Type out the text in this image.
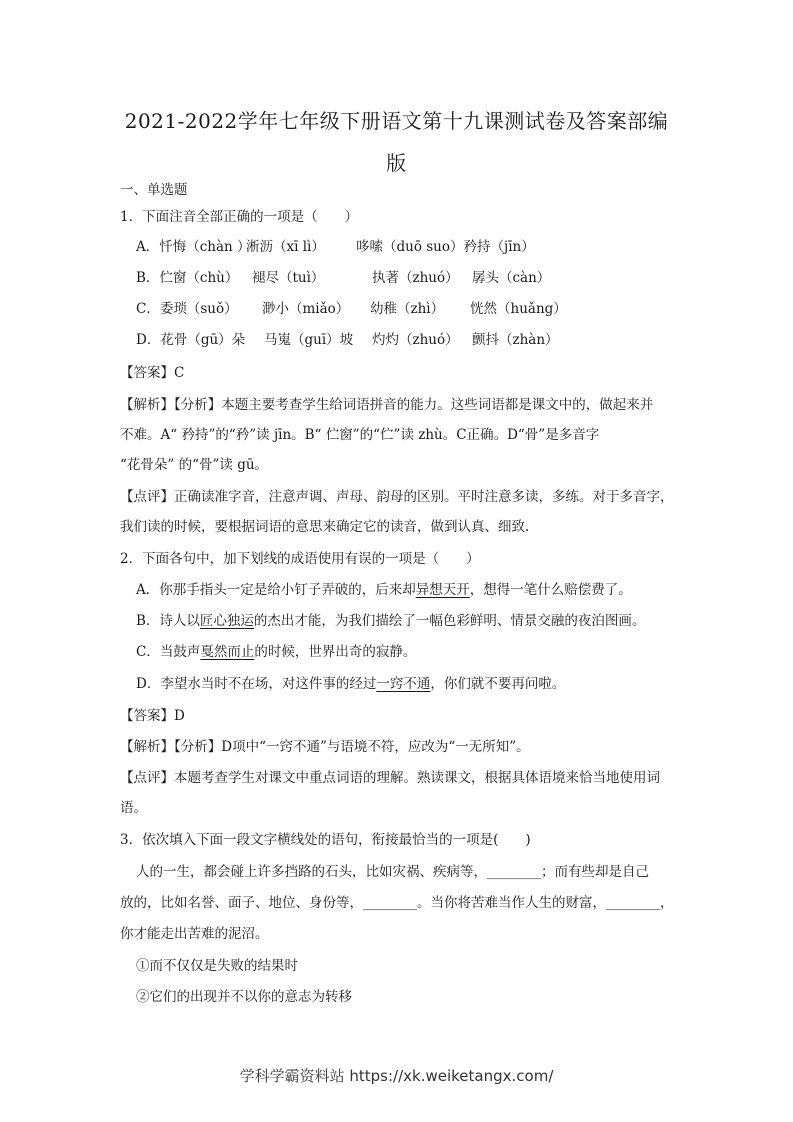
2021-2022学年七年级下册语文第十九课测试卷及答案部编
版
一、单选题
1．下面注音全部正确的一项是（　　）
A．忏悔（chàn ）淅沥（xī lì） 哆嗦（duō suo）矜持（jīn）
B．伫窗（chù） 褪尽（tuì）	执著（zhuó） 孱头（càn）
C．委琐（suǒ） 渺小（miǎo） 幼稚（zhì） 恍然（huǎng）
D．花骨（gū）朵 马嵬（guī）坡 灼灼（zhuó） 颤抖（zhàn）
【答案】C
【解析】【分析】本题主要考查学生给词语拼音的能力。这些词语都是课文中的，做起来并
不难。A“ 矜持”的“矜”读 jīn。B“ 伫窗”的“伫”读 zhù。C正确。D“骨”是多音字
“花骨朵” 的“骨”读 gū。
【点评】正确读准字音，注意声调、声母、韵母的区别。平时注意多读，多练。对于多音字，
我们读的时候，要根据词语的意思来确定它的读音，做到认真、细致.
2．下面各句中，加下划线的成语使用有误的一项是（　　）
A．你那手指头一定是给小钉子弄破的，后来却异想天开，想得一笔什么赔偿费了。
B．诗人以匠心独运的杰出才能，为我们描绘了一幅色彩鲜明、情景交融的夜泊图画。
C．当鼓声戛然而止的时候，世界出奇的寂静。
D．李望水当时不在场，对这件事的经过一窍不通，你们就不要再问啦。
【答案】D
【解析】【分析】D项中“一窍不通”与语境不符，应改为“一无所知”。
【点评】本题考查学生对课文中重点词语的理解。熟读课文，根据具体语境来恰当地使用词
语。
3．依次填入下面一段文字横线处的语句，衔接最恰当的一项是(　　)
人的一生，都会碰上许多挡路的石头，比如灾祸、疾病等，________；而有些却是自己
放的，比如名誉、面子、地位、身份等，________。当你将苦难当作人生的财富，________，
你才能走出苦难的泥沼。
①而不仅仅是失败的结果时
②它们的出现并不以你的意志为转移
学科学霸资料站 https://xk.weiketangx.com/
